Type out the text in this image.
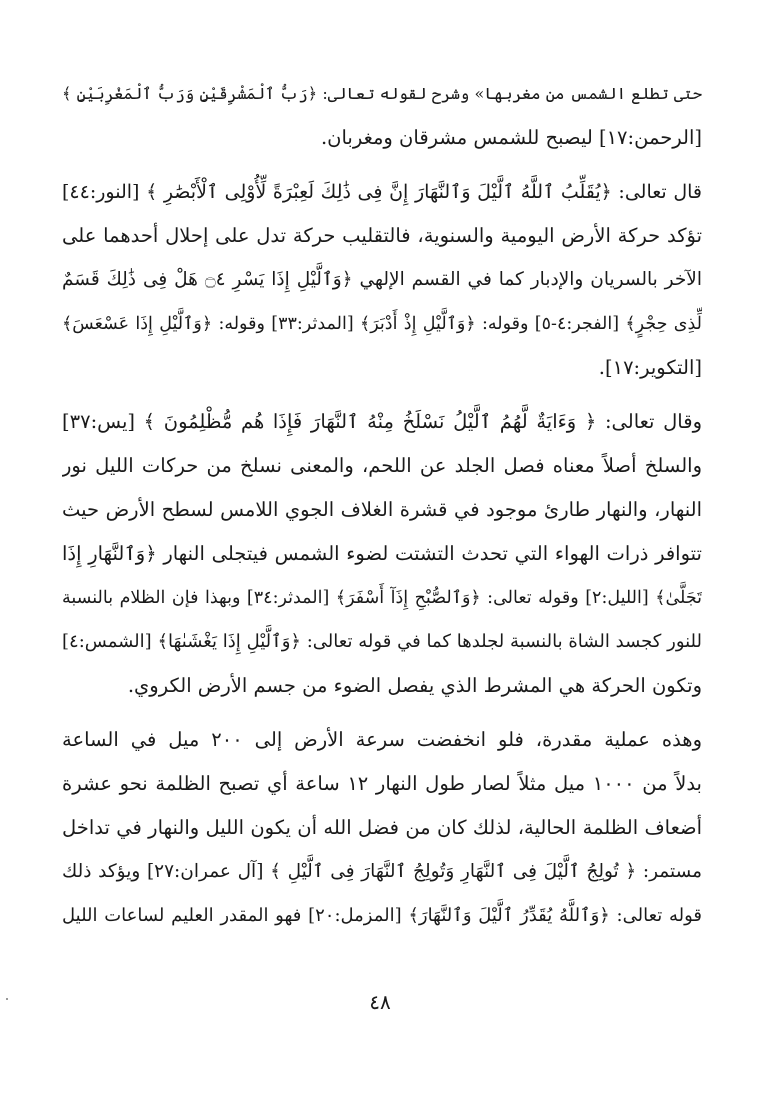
حتى تطلع الشمس من مغربها» وشرح لقوله تعالى: ﴿رَبُّ ٱلْمَشْرِقَيْنِ وَرَبُّ ٱلْمَغْرِبَيْنِ ﴾
[الرحمن:١٧] ليصبح للشمس مشرقان ومغربان.

قال تعالى: ﴿يُقَلِّبُ ٱللَّهُ ٱلَّيْلَ وَٱلنَّهَارَ إِنَّ فِى ذَٰلِكَ لَعِبْرَةً لِّأُوْلِى ٱلْأَبْصَٰرِ ﴾ [النور:٤٤]
تؤكد حركة الأرض اليومية والسنوية، فالتقليب حركة تدل على إحلال أحدهما على
الآخر بالسريان والإدبار كما في القسم الإلهي ﴿وَٱلَّيْلِ إِذَا يَسْرِ ۝٤ هَلْ فِى ذَٰلِكَ قَسَمٌ
لِّذِى حِجْرٍ﴾ [الفجر:٤-٥] وقوله: ﴿وَٱلَّيْلِ إِذْ أَدْبَرَ﴾ [المدثر:٣٣] وقوله: ﴿وَٱلَّيْلِ إِذَا عَسْعَسَ﴾
[التكوير:١٧].

وقال تعالى: ﴿ وَءَايَةٌ لَّهُمُ ٱلَّيْلُ نَسْلَخُ مِنْهُ ٱلنَّهَارَ فَإِذَا هُم مُّظْلِمُونَ ﴾ [يس:٣٧]
والسلخ أصلاً معناه فصل الجلد عن اللحم، والمعنى نسلخ من حركات الليل نور
النهار، والنهار طارئ موجود في قشرة الغلاف الجوي اللامس لسطح الأرض حيث
تتوافر ذرات الهواء التي تحدث التشتت لضوء الشمس فيتجلى النهار ﴿وَٱلنَّهَارِ إِذَا
تَجَلَّىٰ﴾ [الليل:٢] وقوله تعالى: ﴿وَٱلصُّبْحِ إِذَآ أَسْفَرَ﴾ [المدثر:٣٤] وبهذا فإن الظلام بالنسبة
للنور كجسد الشاة بالنسبة لجلدها كما في قوله تعالى: ﴿وَٱلَّيْلِ إِذَا يَغْشَىٰهَا﴾ [الشمس:٤]
وتكون الحركة هي المشرط الذي يفصل الضوء من جسم الأرض الكروي.

وهذه عملية مقدرة، فلو انخفضت سرعة الأرض إلى ٢٠٠ ميل في الساعة
بدلاً من ١٠٠٠ ميل مثلاً لصار طول النهار ١٢ ساعة أي تصبح الظلمة نحو عشرة
أضعاف الظلمة الحالية، لذلك كان من فضل الله أن يكون الليل والنهار في تداخل
مستمر: ﴿ تُولِجُ ٱلَّيْلَ فِى ٱلنَّهَارِ وَتُولِجُ ٱلنَّهَارَ فِى ٱلَّيْلِ ﴾ [آل عمران:٢٧] ويؤكد ذلك
قوله تعالى: ﴿وَٱللَّهُ يُقَدِّرُ ٱلَّيْلَ وَٱلنَّهَارَ﴾ [المزمل:٢٠] فهو المقدر العليم لساعات الليل

٤٨
